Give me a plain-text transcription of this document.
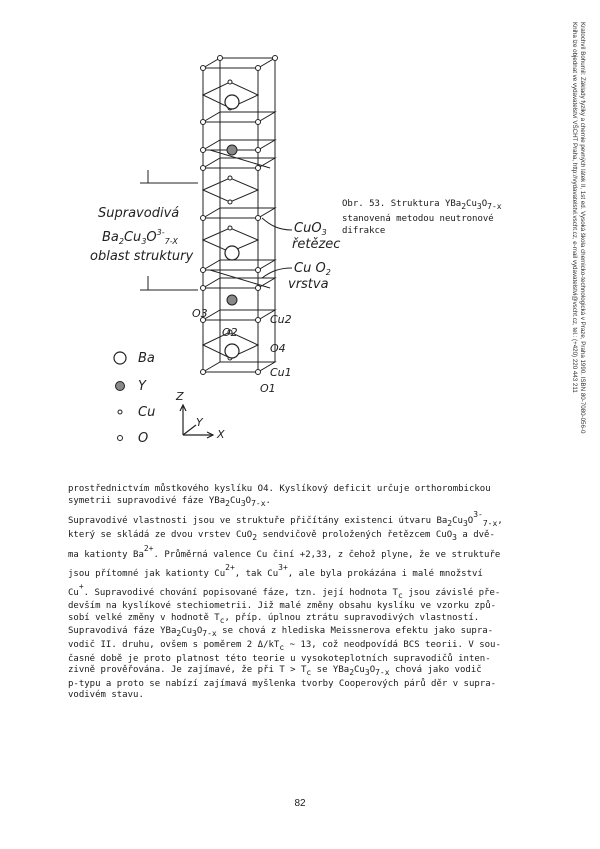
Kratochvíl Bohumil: Základy fyziky a chemie pevných látek II, 1st ed. Vysoká škola chemicko-technologická v Praze, Praha 1990. ISBN 80-7080-056-0
Kniha lze objednat ve vydavatelství VŠCHT Praha, http://vydavatelstvi.vscht.cz, e-mail vydavatelstvi@vscht.cz, tel.: (+420) 220 443 211
Supravodivá
$Ba_2Cu_3O^{3-}_{7-X}$
oblast struktury
CuO$_3$
řetězec
Cu $O_2$
vrstva
O3
O2
Cu2
O4
Cu1
O1
Ba
Y
Cu
O
Z
Y
X
Obr. 53. Struktura YBa2Cu3O7-x
stanovená metodou neutronové
difrakce

prostřednictvím můstkového kyslíku O4. Kyslíkový deficit určuje orthorombickou

symetrii supravodivé fáze YBa2Cu3O7-x.

Supravodivé vlastnosti jsou ve struktuře přičítány existenci útvaru Ba2Cu3O3-7-x,

který se skládá ze dvou vrstev CuO2 sendvičově proložených řetězcem CuO3 a dvě-

ma kationty Ba2+. Průměrná valence Cu činí +2,33, z čehož plyne, že ve struktuře

jsou přítomné jak kationty Cu2+, tak Cu3+, ale byla prokázána i malé množství

Cu+. Supravodivé chování popisované fáze, tzn. její hodnota Tc jsou závislé pře-

devším na kyslíkové stechiometrii. Již malé změny obsahu kyslíku ve vzorku způ-

sobí velké změny v hodnotě Tc, příp. úplnou ztrátu supravodivých vlastností.

Supravodivá fáze YBa2Cu3O7-x se chová z hlediska Meissnerova efektu jako supra-

vodič II. druhu, ovšem s poměrem 2 Δ/kTc ~ 13, což neodpovídá BCS teorii. V sou-

časné době je proto platnost této teorie u vysokoteplotních supravodičů inten-

zivně prověřována. Je zajímavé, že při T > Tc se YBa2Cu3O7-x chová jako vodič

p-typu a proto se nabízí zajímavá myšlenka tvorby Cooperových párů děr v supra-

vodivém stavu.

82
